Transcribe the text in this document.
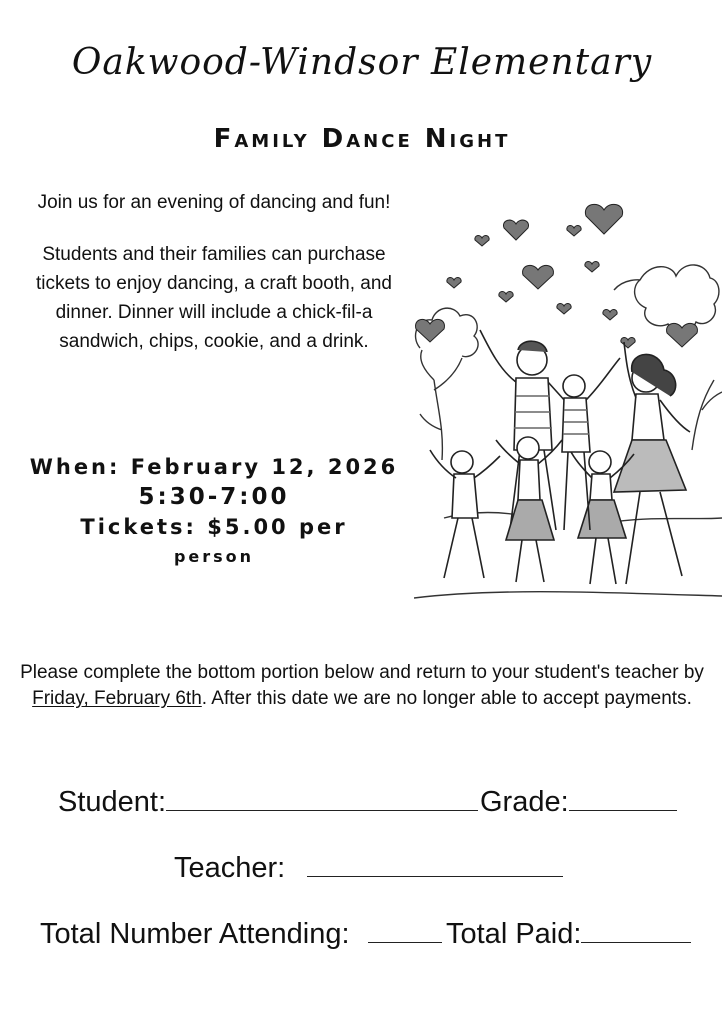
Oakwood-Windsor Elementary
Family Dance Night

Join us for an evening of dancing and fun!

Students and their families can purchase tickets to enjoy dancing, a craft booth, and dinner. Dinner will include a chick-fil-a sandwich, chips, cookie, and a drink.

When: February 12, 2026
5:30-7:00
Tickets: $5.00 per
person
Please complete the bottom portion below and return to your student's teacher by Friday, February 6th. After this date we are no longer able to accept payments.
Student:	Grade:
Teacher:
Total Number Attending:	Total Paid:
